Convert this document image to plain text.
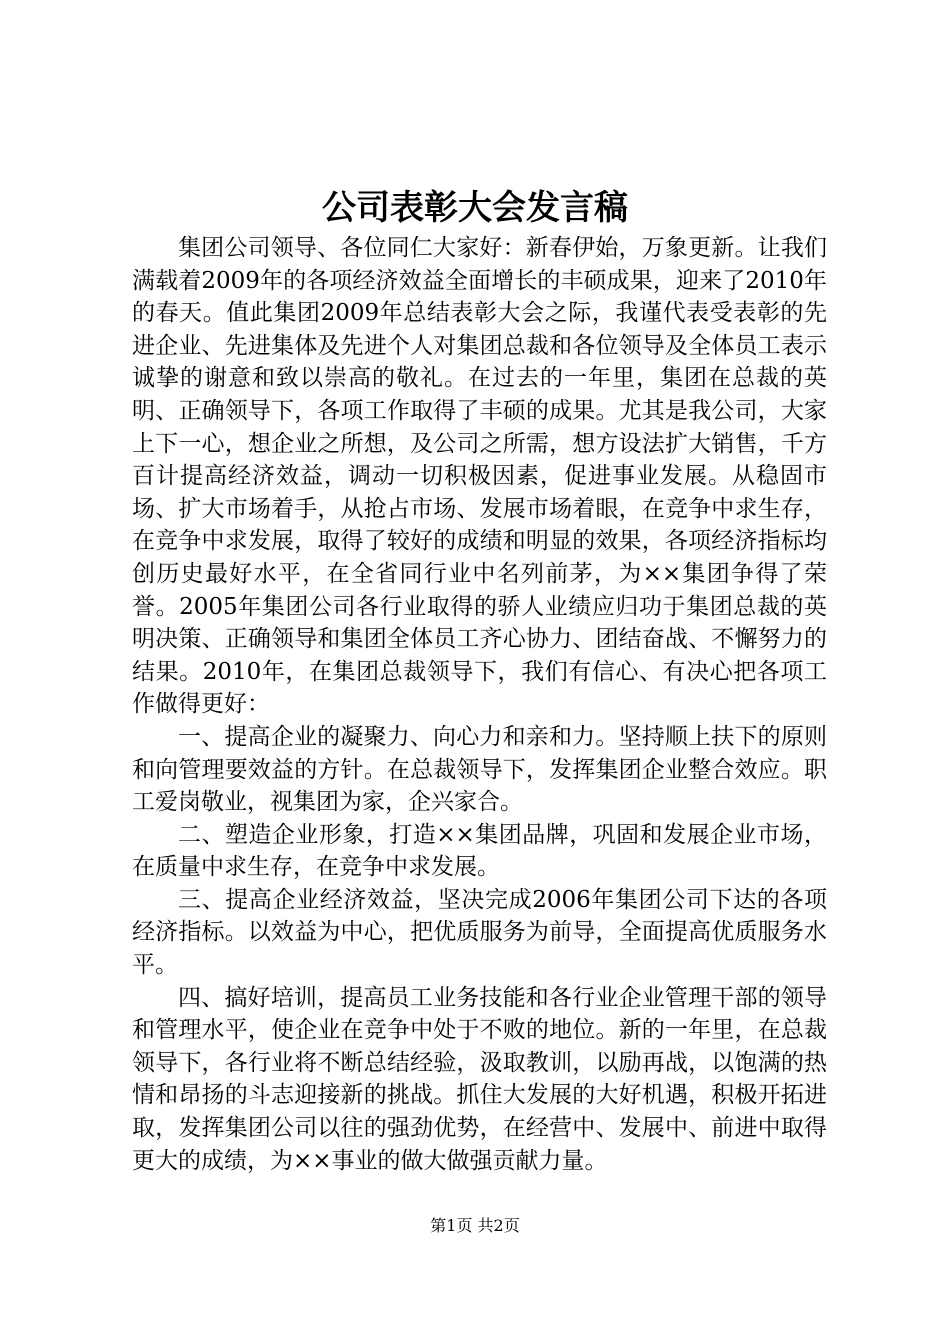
公司表彰大会发言稿

集团公司领导、各位同仁大家好：新春伊始，万象更新。让我们满载着2009年的各项经济效益全面增长的丰硕成果，迎来了2010年的春天。值此集团2009年总结表彰大会之际，我谨代表受表彰的先进企业、先进集体及先进个人对集团总裁和各位领导及全体员工表示诚挚的谢意和致以崇高的敬礼。在过去的一年里，集团在总裁的英明、正确领导下，各项工作取得了丰硕的成果。尤其是我公司，大家上下一心，想企业之所想，及公司之所需，想方设法扩大销售，千方百计提高经济效益，调动一切积极因素，促进事业发展。从稳固市场、扩大市场着手，从抢占市场、发展市场着眼，在竞争中求生存，在竞争中求发展，取得了较好的成绩和明显的效果，各项经济指标均创历史最好水平，在全省同行业中名列前茅，为××集团争得了荣誉。2005年集团公司各行业取得的骄人业绩应归功于集团总裁的英明决策、正确领导和集团全体员工齐心协力、团结奋战、不懈努力的结果。2010年，在集团总裁领导下，我们有信心、有决心把各项工作做得更好：

一、提高企业的凝聚力、向心力和亲和力。坚持顺上扶下的原则和向管理要效益的方针。在总裁领导下，发挥集团企业整合效应。职工爱岗敬业，视集团为家，企兴家合。

二、塑造企业形象，打造××集团品牌，巩固和发展企业市场，在质量中求生存，在竞争中求发展。

三、提高企业经济效益，坚决完成2006年集团公司下达的各项经济指标。以效益为中心，把优质服务为前导，全面提高优质服务水平。

四、搞好培训，提高员工业务技能和各行业企业管理干部的领导和管理水平，使企业在竞争中处于不败的地位。新的一年里，在总裁领导下，各行业将不断总结经验，汲取教训，以励再战，以饱满的热情和昂扬的斗志迎接新的挑战。抓住大发展的大好机遇，积极开拓进取，发挥集团公司以往的强劲优势，在经营中、发展中、前进中取得更大的成绩，为××事业的做大做强贡献力量。

第1页 共2页
